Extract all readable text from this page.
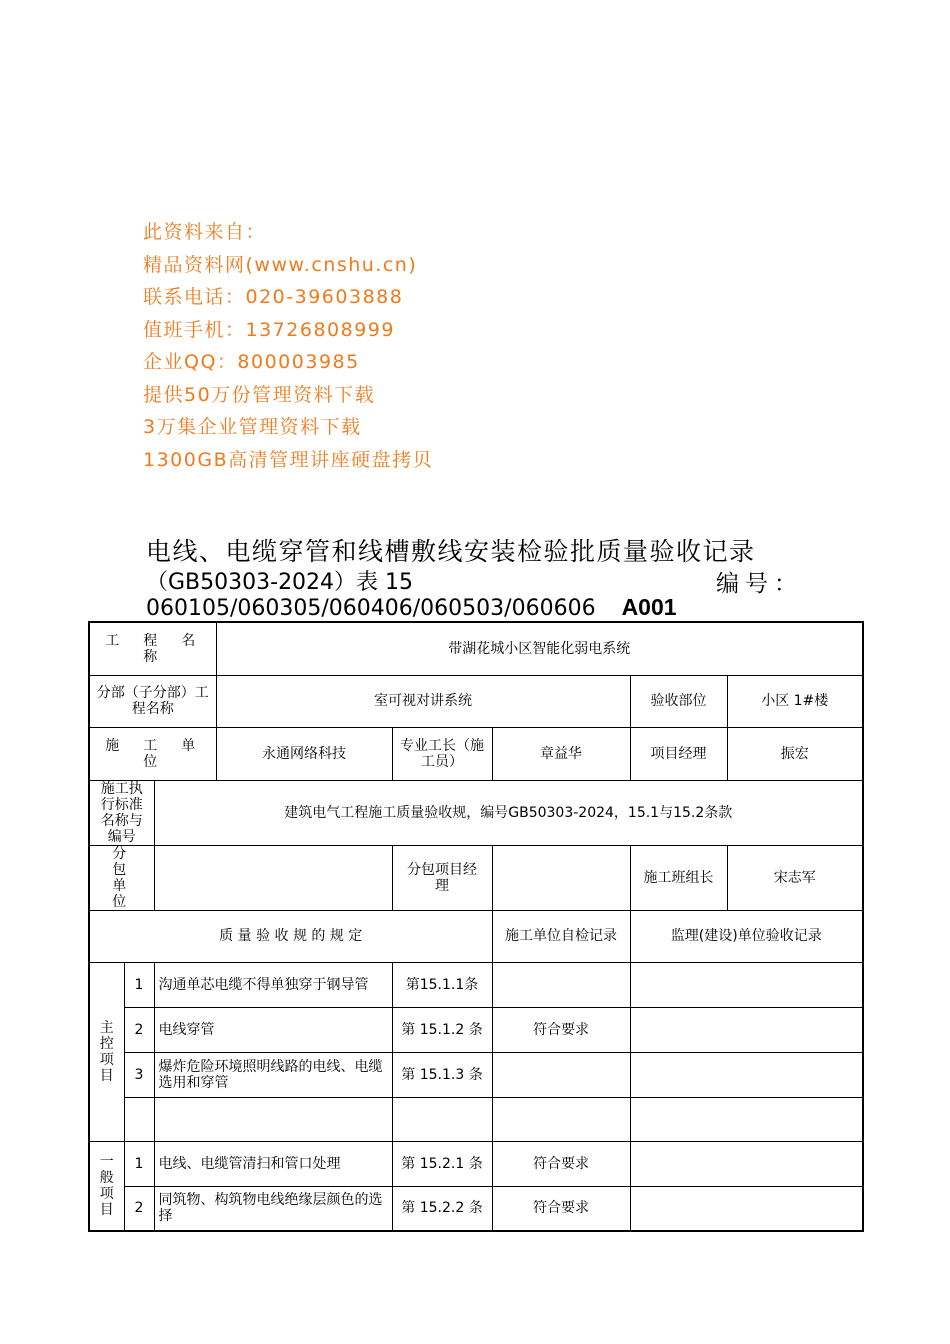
此资料来自：
精品资料网(www.cnshu.cn)
联系电话：020-39603888
值班手机：13726808999
企业QQ：800003985
提供50万份管理资料下载
3万集企业管理资料下载
1300GB高清管理讲座硬盘拷贝
电线、电缆穿管和线槽敷线安装检验批质量验收记录
（GB50303-2024）表 15	编号：
060105/060305/060406/060503/060606 A001
工　程　名　称			带湖花城小区智能化弱电系统				
分部（子分部）工程名称			室可视对讲系统			验收部位	小区 1#楼
施　工　单　位			永通网络科技	专业工长（施工员）	章益华	项目经理	振宏
施工执行标准名称与编号		建筑电气工程施工质量验收规，编号GB50303-2024，15.1与15.2条款					
分　包　单　位				分包项目经　　理		施工班组长	宋志军
质 量 验 收 规 的 规 定					施工单位自检记录	监理(建设)单位验收记录	

主控项目	1	沟通单芯电缆不得单独穿于钢导管		第15.1.1条			
	2	电线穿管		第 15.1.2 条	符合要求		
	3	爆炸危险环境照明线路的电线、电缆选用和穿管		第 15.1.3 条			

一般项目	1	电线、电缆管清扫和管口处理		第 15.2.1 条	符合要求		
	2	同筑物、构筑物电线绝缘层颜色的选择		第 15.2.2 条	符合要求		
